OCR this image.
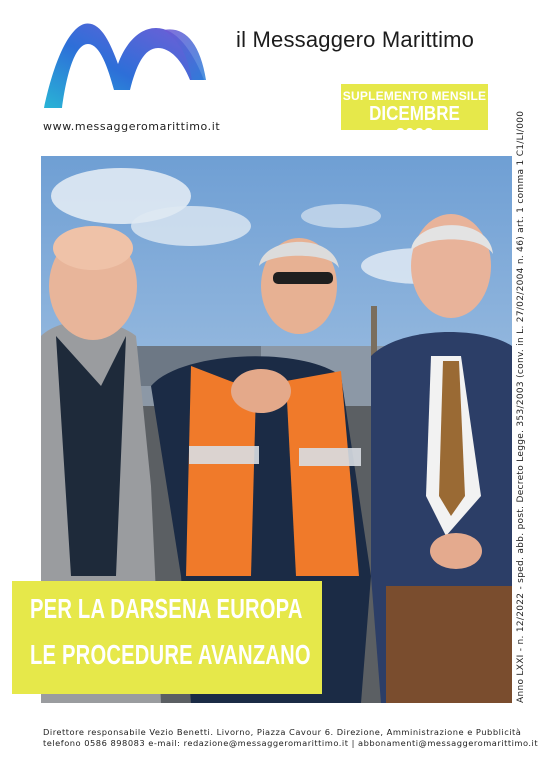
il Messaggero Marittimo
www.messaggeromarittimo.it
SUPLEMENTO MENSILE
DICEMBRE 2022
PER LA DARSENA EUROPA
LE PROCEDURE AVANZANO	Anno LXXI - n. 12/2022 - sped. abb. post. Decreto Legge. 353/2003 (conv. in L. 27/02/2004 n. 46) art. 1 comma 1 C1/LI/000
Direttore responsabile Vezio Benetti. Livorno, Piazza Cavour 6. Direzione, Amministrazione e Pubblicità
telefono 0586 898083 e-mail: redazione@messaggeromarittimo.it | abbonamenti@messaggeromarittimo.it
